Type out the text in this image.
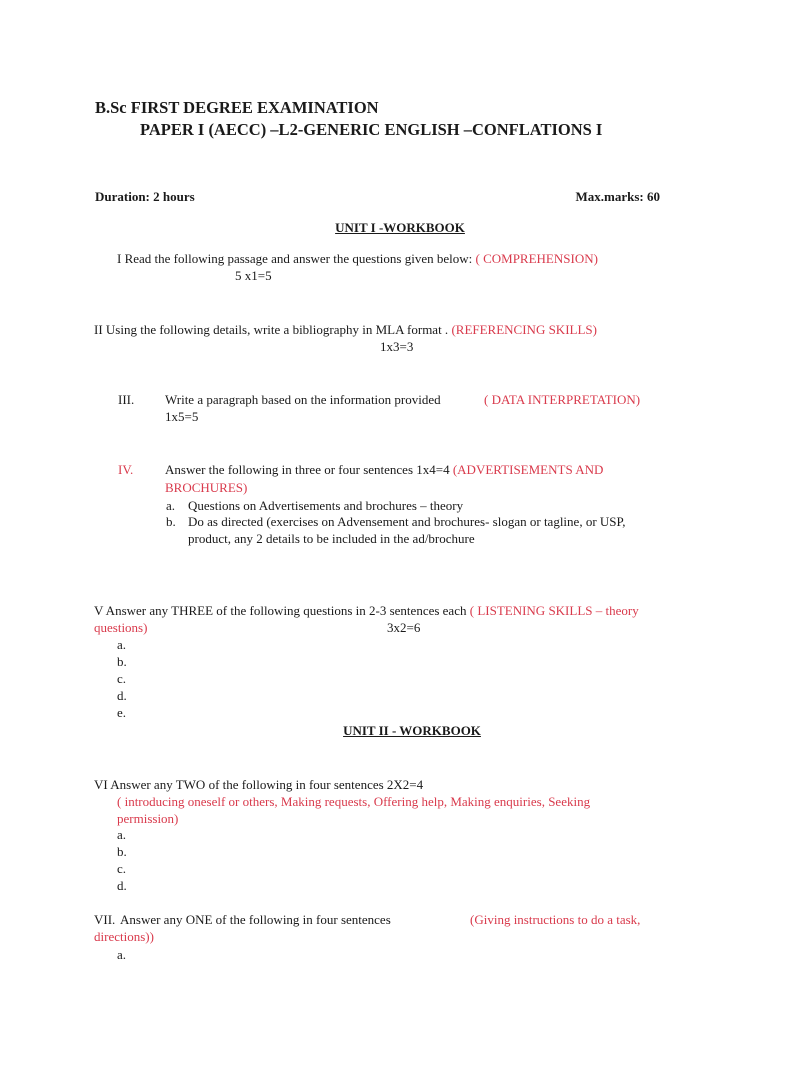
B.Sc FIRST DEGREE EXAMINATION
PAPER I (AECC) –L2-GENERIC ENGLISH –CONFLATIONS I
Duration: 2 hours	Max.marks: 60
UNIT I -WORKBOOK
I Read the following passage and answer the questions given below: ( COMPREHENSION)
5 x1=5
II Using the following details, write a bibliography in MLA format . (REFERENCING SKILLS)
1x3=3
III. Write a paragraph based on the information provided	( DATA INTERPRETATION)
1x5=5
IV. Answer the following in three or four sentences 1x4=4 (ADVERTISEMENTS AND
BROCHURES)
a. Questions on Advertisements and brochures – theory
b. Do as directed (exercises on Advensement and brochures- slogan or tagline, or USP,
product, any 2 details to be included in the ad/brochure
V Answer any THREE of the following questions in 2-3 sentences each ( LISTENING SKILLS – theory
questions)	3x2=6
a.
b.
c.
d.
e.
UNIT II - WORKBOOK
VI Answer any TWO of the following in four sentences 2X2=4
( introducing oneself or others, Making requests, Offering help, Making enquiries, Seeking
permission)
a.
b.
c.
d.
VII. Answer any ONE of the following in four sentences	(Giving instructions to do a task,
directions))
a.
